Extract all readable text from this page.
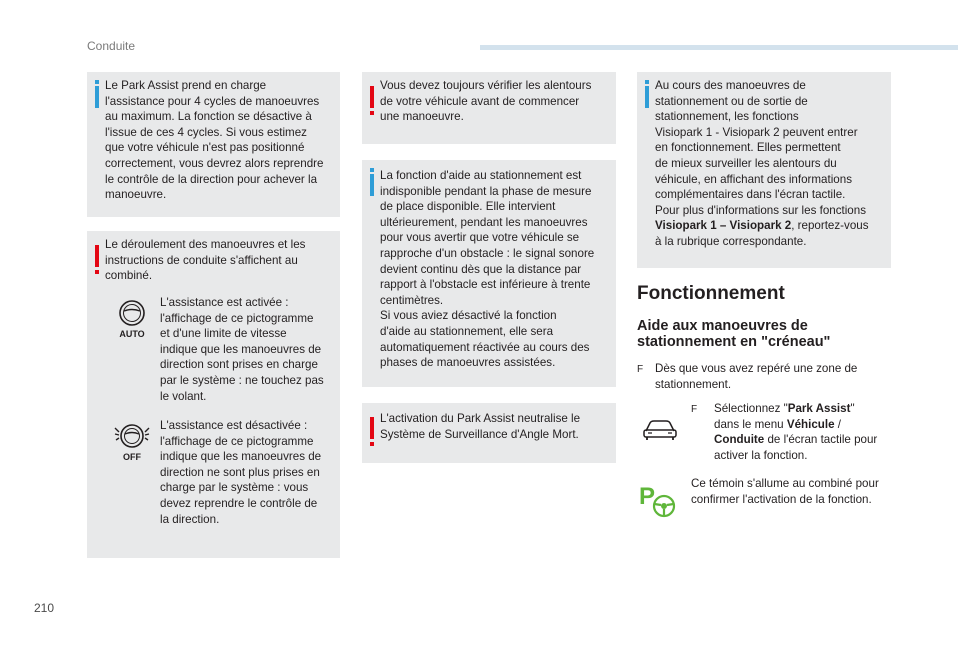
Conduite
Le Park Assist prend en charge
l'assistance pour 4 cycles de manoeuvres
au maximum. La fonction se désactive à
l'issue de ces 4 cycles. Si vous estimez
que votre véhicule n'est pas positionné
correctement, vous devrez alors reprendre
le contrôle de la direction pour achever la
manoeuvre.
Le déroulement des manoeuvres et les
instructions de conduite s'affichent au
combiné.
AUTO
L'assistance est activée :
l'affichage de ce pictogramme
et d'une limite de vitesse
indique que les manoeuvres de
direction sont prises en charge
par le système : ne touchez pas
le volant.
OFF
L'assistance est désactivée :
l'affichage de ce pictogramme
indique que les manoeuvres de
direction ne sont plus prises en
charge par le système : vous
devez reprendre le contrôle de
la direction.
Vous devez toujours vérifier les alentours
de votre véhicule avant de commencer
une manoeuvre.
La fonction d'aide au stationnement est
indisponible pendant la phase de mesure
de place disponible. Elle intervient
ultérieurement, pendant les manoeuvres
pour vous avertir que votre véhicule se
rapproche d'un obstacle : le signal sonore
devient continu dès que la distance par
rapport à l'obstacle est inférieure à trente
centimètres.
Si vous aviez désactivé la fonction
d'aide au stationnement, elle sera
automatiquement réactivée au cours des
phases de manoeuvres assistées.
L'activation du Park Assist neutralise le
Système de Surveillance d'Angle Mort.
Au cours des manoeuvres de
stationnement ou de sortie de
stationnement, les fonctions
Visiopark 1 - Visiopark 2 peuvent entrer
en fonctionnement. Elles permettent
de mieux surveiller les alentours du
véhicule, en affichant des informations
complémentaires dans l'écran tactile.
Pour plus d'informations sur les fonctions
Visiopark 1 – Visiopark 2, reportez-vous
à la rubrique correspondante.
Fonctionnement
Aide aux manoeuvres de stationnement en "créneau"
F Dès que vous avez repéré une zone de
stationnement.
F Sélectionnez "Park Assist"
dans le menu Véhicule /
Conduite de l'écran tactile pour
activer la fonction.
P	Ce témoin s'allume au combiné pour
confirmer l'activation de la fonction.
210
